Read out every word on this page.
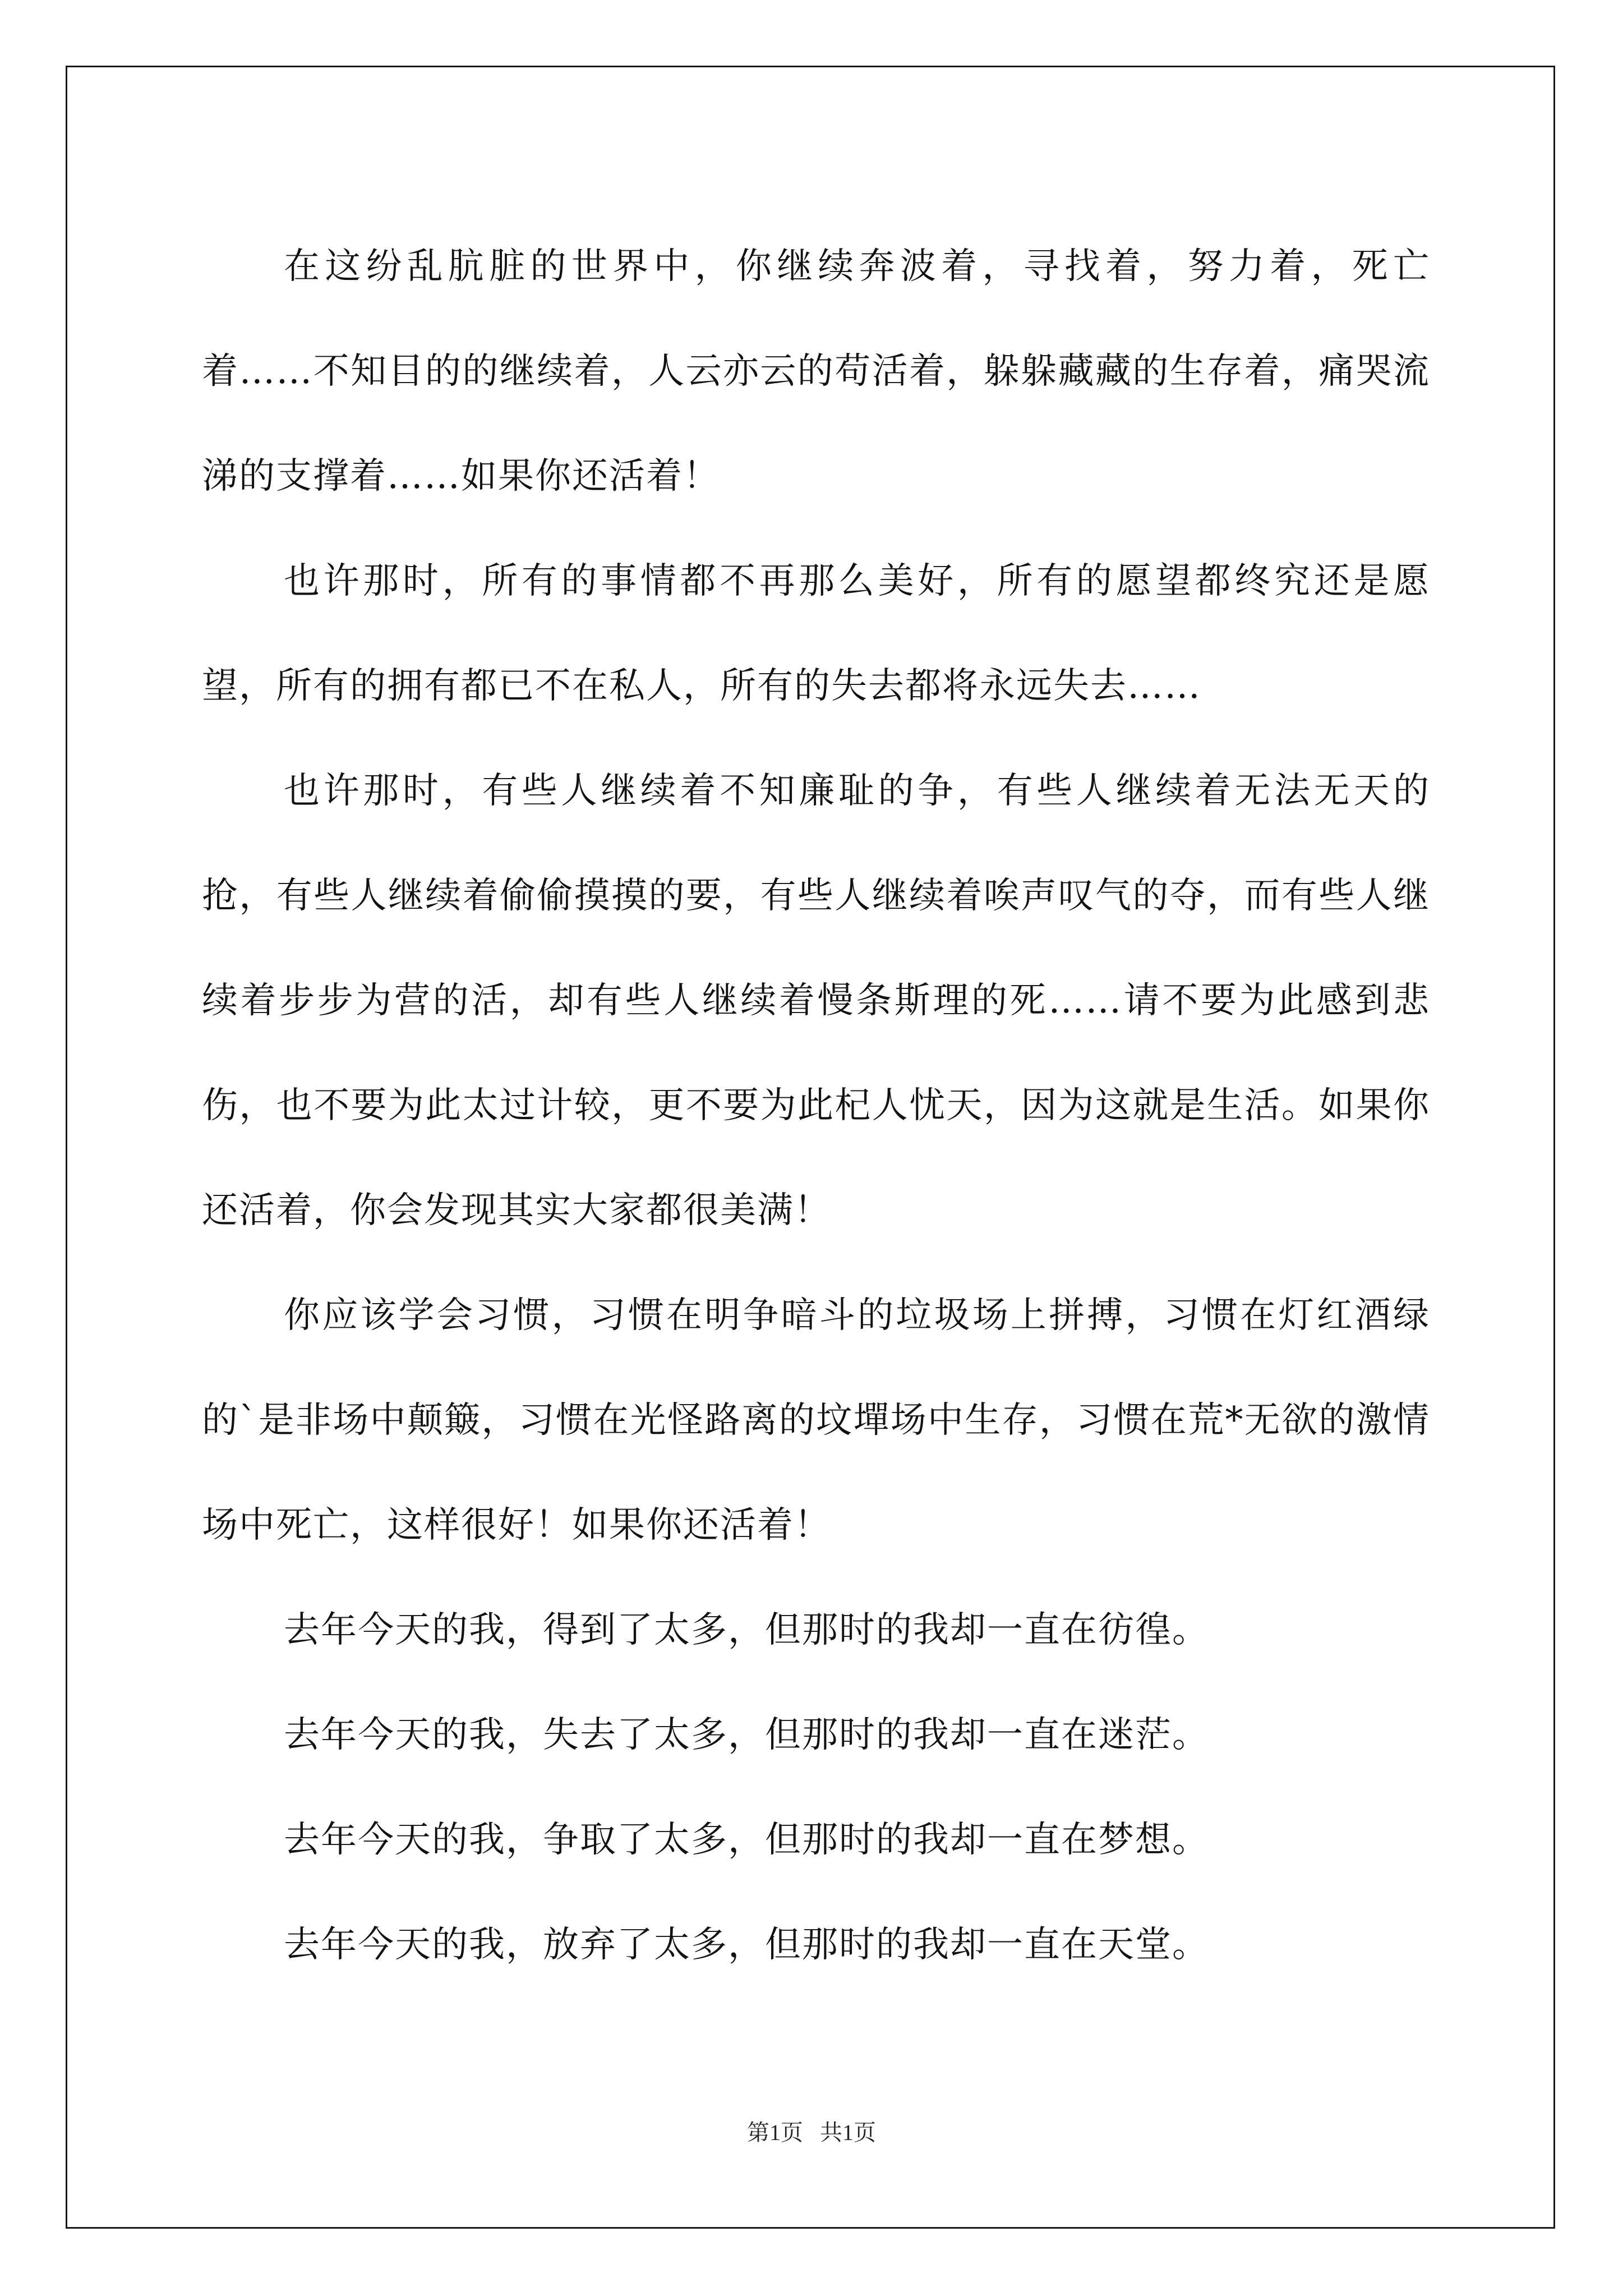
在这纷乱肮脏的世界中，你继续奔波着，寻找着，努力着，死亡着……不知目的的继续着，人云亦云的苟活着，躲躲藏藏的生存着，痛哭流涕的支撑着……如果你还活着！

也许那时，所有的事情都不再那么美好，所有的愿望都终究还是愿望，所有的拥有都已不在私人，所有的失去都将永远失去……

也许那时，有些人继续着不知廉耻的争，有些人继续着无法无天的抢，有些人继续着偷偷摸摸的要，有些人继续着唉声叹气的夺，而有些人继续着步步为营的活，却有些人继续着慢条斯理的死……请不要为此感到悲伤，也不要为此太过计较，更不要为此杞人忧天，因为这就是生活。如果你还活着，你会发现其实大家都很美满！

你应该学会习惯，习惯在明争暗斗的垃圾场上拼搏，习惯在灯红酒绿的`是非场中颠簸，习惯在光怪路离的坟墠场中生存，习惯在荒*无欲的激情场中死亡，这样很好！如果你还活着！

去年今天的我，得到了太多，但那时的我却一直在彷徨。

去年今天的我，失去了太多，但那时的我却一直在迷茫。

去年今天的我，争取了太多，但那时的我却一直在梦想。

去年今天的我，放弃了太多，但那时的我却一直在天堂。

第1页 共1页
